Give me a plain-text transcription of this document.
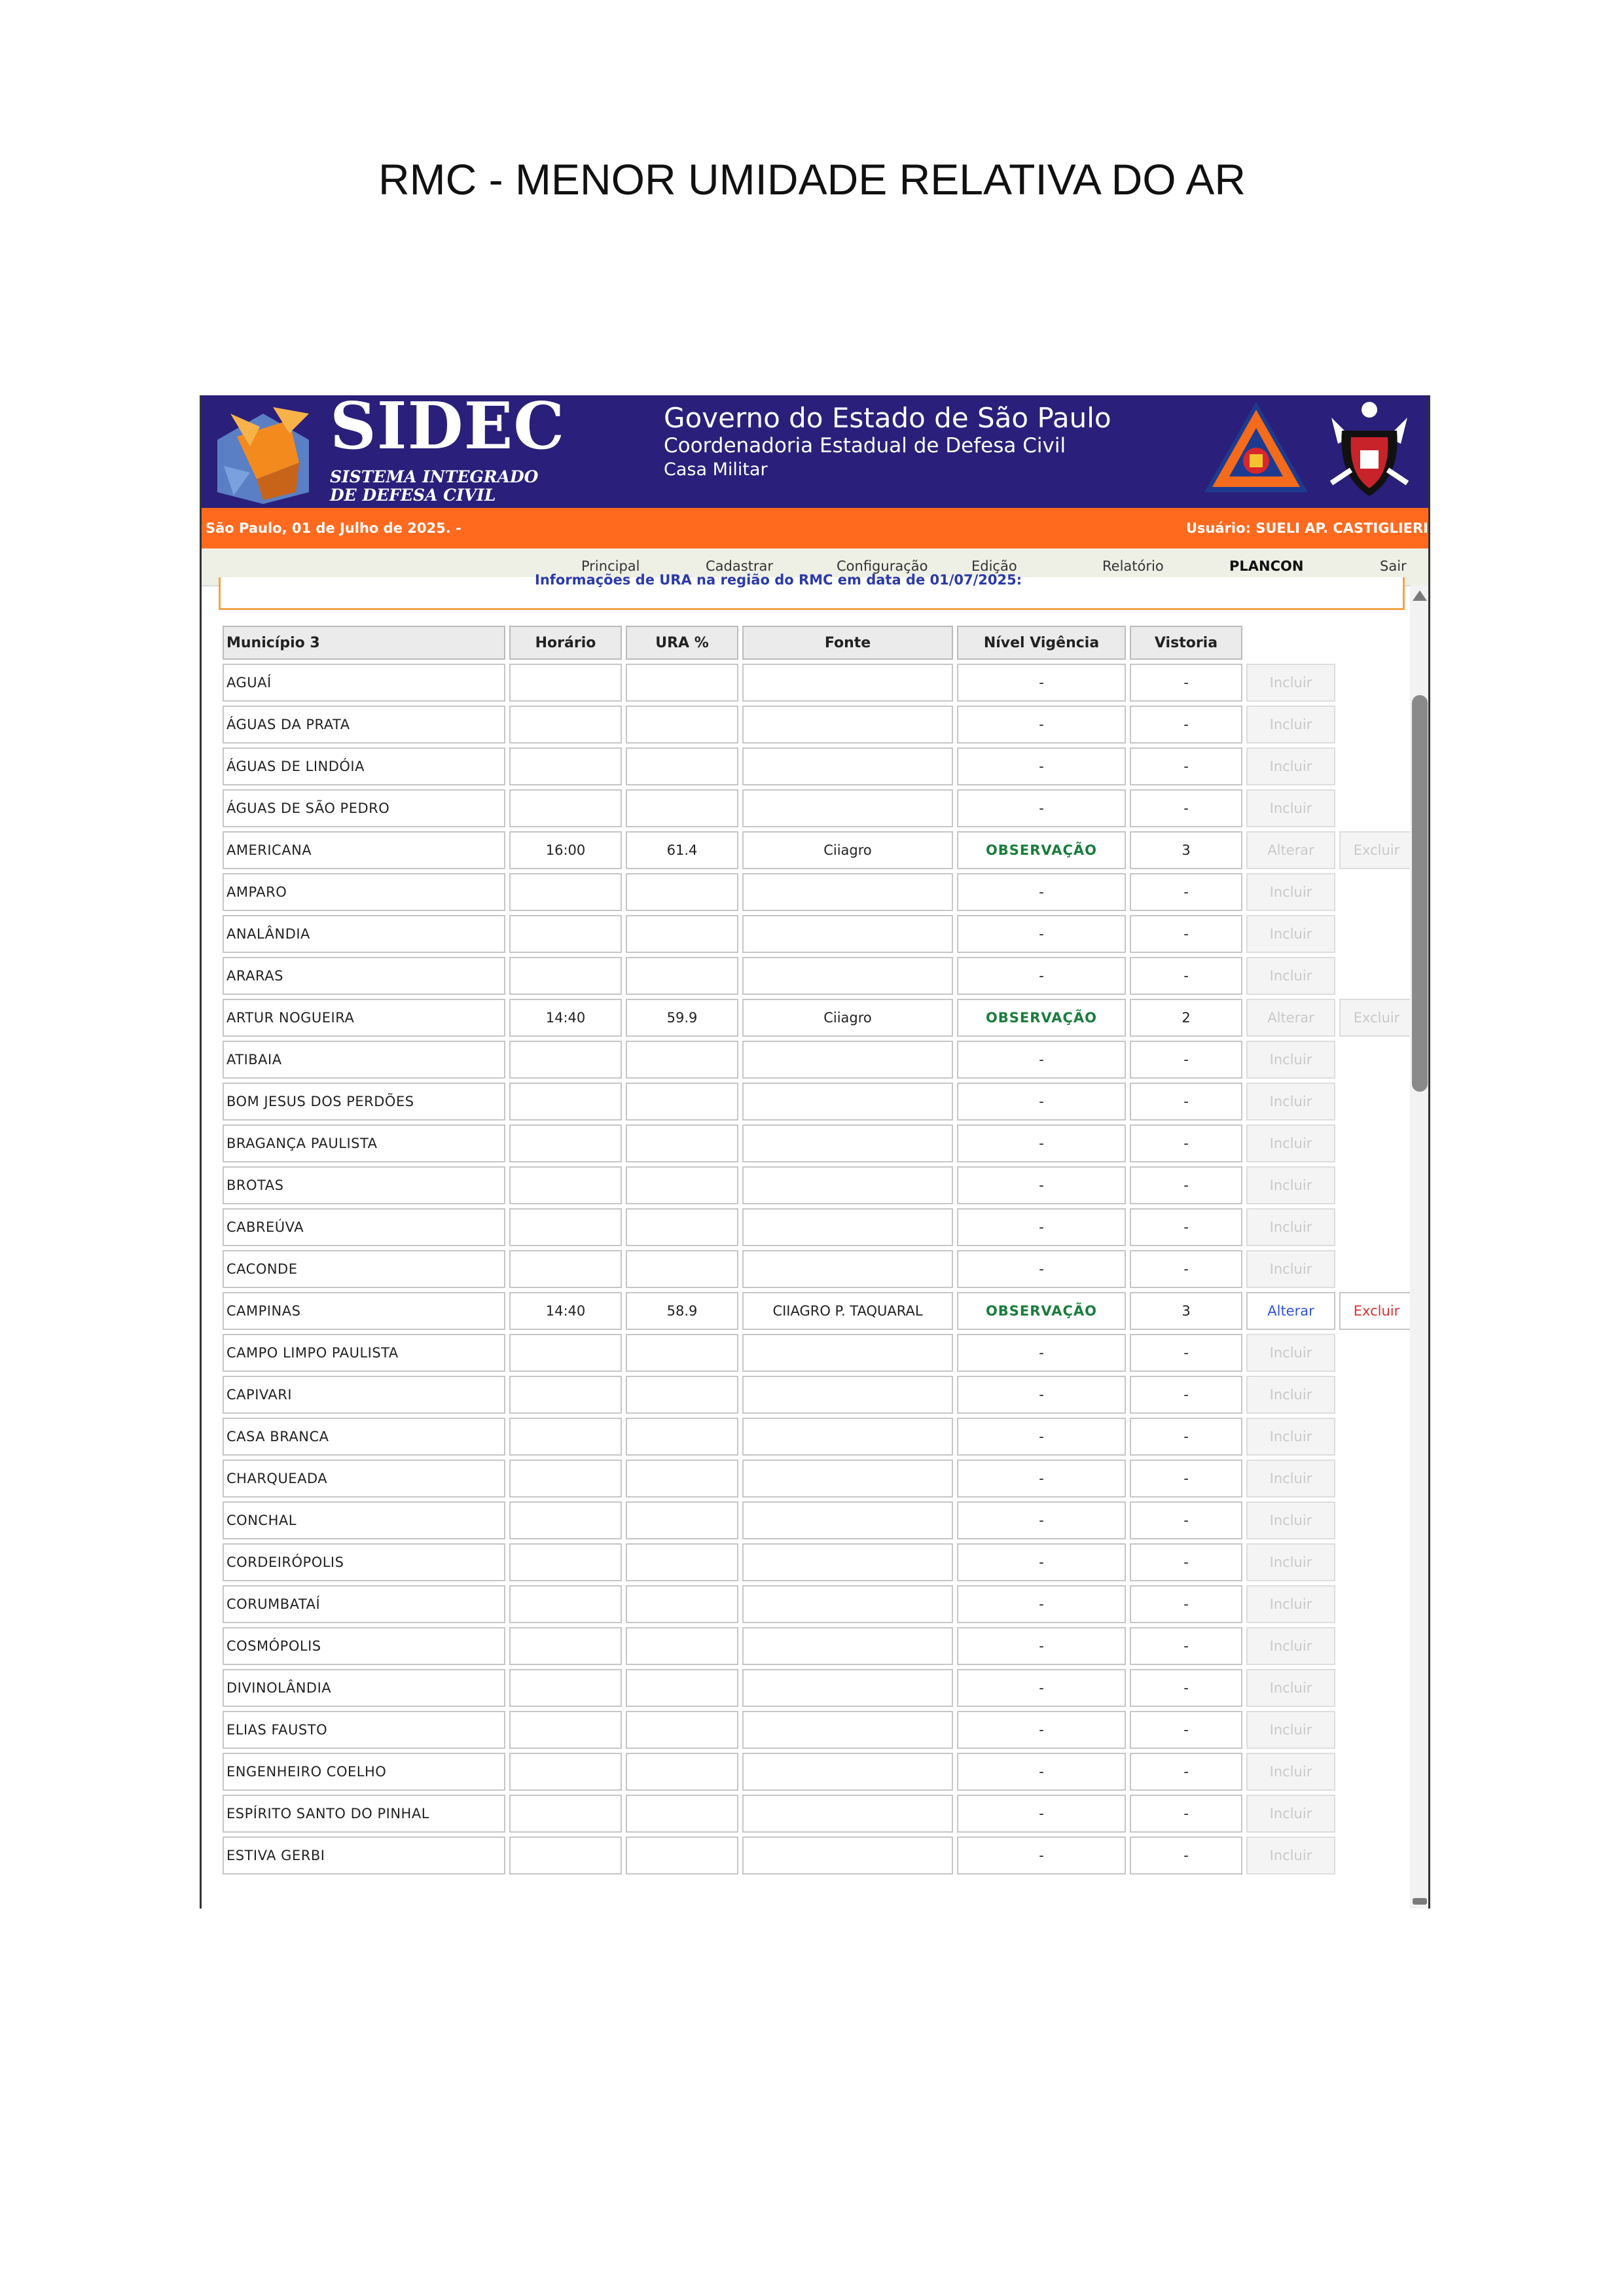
RMC - MENOR UMIDADE RELATIVA DO AR
SIDEC
SISTEMA INTEGRADO
DE DEFESA CIVIL
Governo do Estado de São Paulo
Coordenadoria Estadual de Defesa Civil
Casa Militar
São Paulo, 01 de Julho de 2025. -	Usuário: SUELI AP. CASTIGLIERI
Principal	Cadastrar	Configuração	Edição	Relatório	PLANCON	Sair
Informações de URA na região do RMC em data de 01/07/2025:
Município 3	Horário	URA %	Fonte	Nível Vigência	Vistoria		
AGUAÍ				-	-	Incluir	
ÁGUAS DA PRATA				-	-	Incluir	
ÁGUAS DE LINDÓIA				-	-	Incluir	
ÁGUAS DE SÃO PEDRO				-	-	Incluir	
AMERICANA	16:00	61.4	Ciiagro	OBSERVAÇÃO	3	Alterar	Excluir
AMPARO				-	-	Incluir	
ANALÂNDIA				-	-	Incluir	
ARARAS				-	-	Incluir	
ARTUR NOGUEIRA	14:40	59.9	Ciiagro	OBSERVAÇÃO	2	Alterar	Excluir
ATIBAIA				-	-	Incluir	
BOM JESUS DOS PERDÕES				-	-	Incluir	
BRAGANÇA PAULISTA				-	-	Incluir	
BROTAS				-	-	Incluir	
CABREÚVA				-	-	Incluir	
CACONDE				-	-	Incluir	
CAMPINAS	14:40	58.9	CIIAGRO P. TAQUARAL	OBSERVAÇÃO	3	Alterar	Excluir
CAMPO LIMPO PAULISTA				-	-	Incluir	
CAPIVARI				-	-	Incluir	
CASA BRANCA				-	-	Incluir	
CHARQUEADA				-	-	Incluir	
CONCHAL				-	-	Incluir	
CORDEIRÓPOLIS				-	-	Incluir	
CORUMBATAÍ				-	-	Incluir	
COSMÓPOLIS				-	-	Incluir	
DIVINOLÂNDIA				-	-	Incluir	
ELIAS FAUSTO				-	-	Incluir	
ENGENHEIRO COELHO				-	-	Incluir	
ESPÍRITO SANTO DO PINHAL				-	-	Incluir	
ESTIVA GERBI				-	-	Incluir	
